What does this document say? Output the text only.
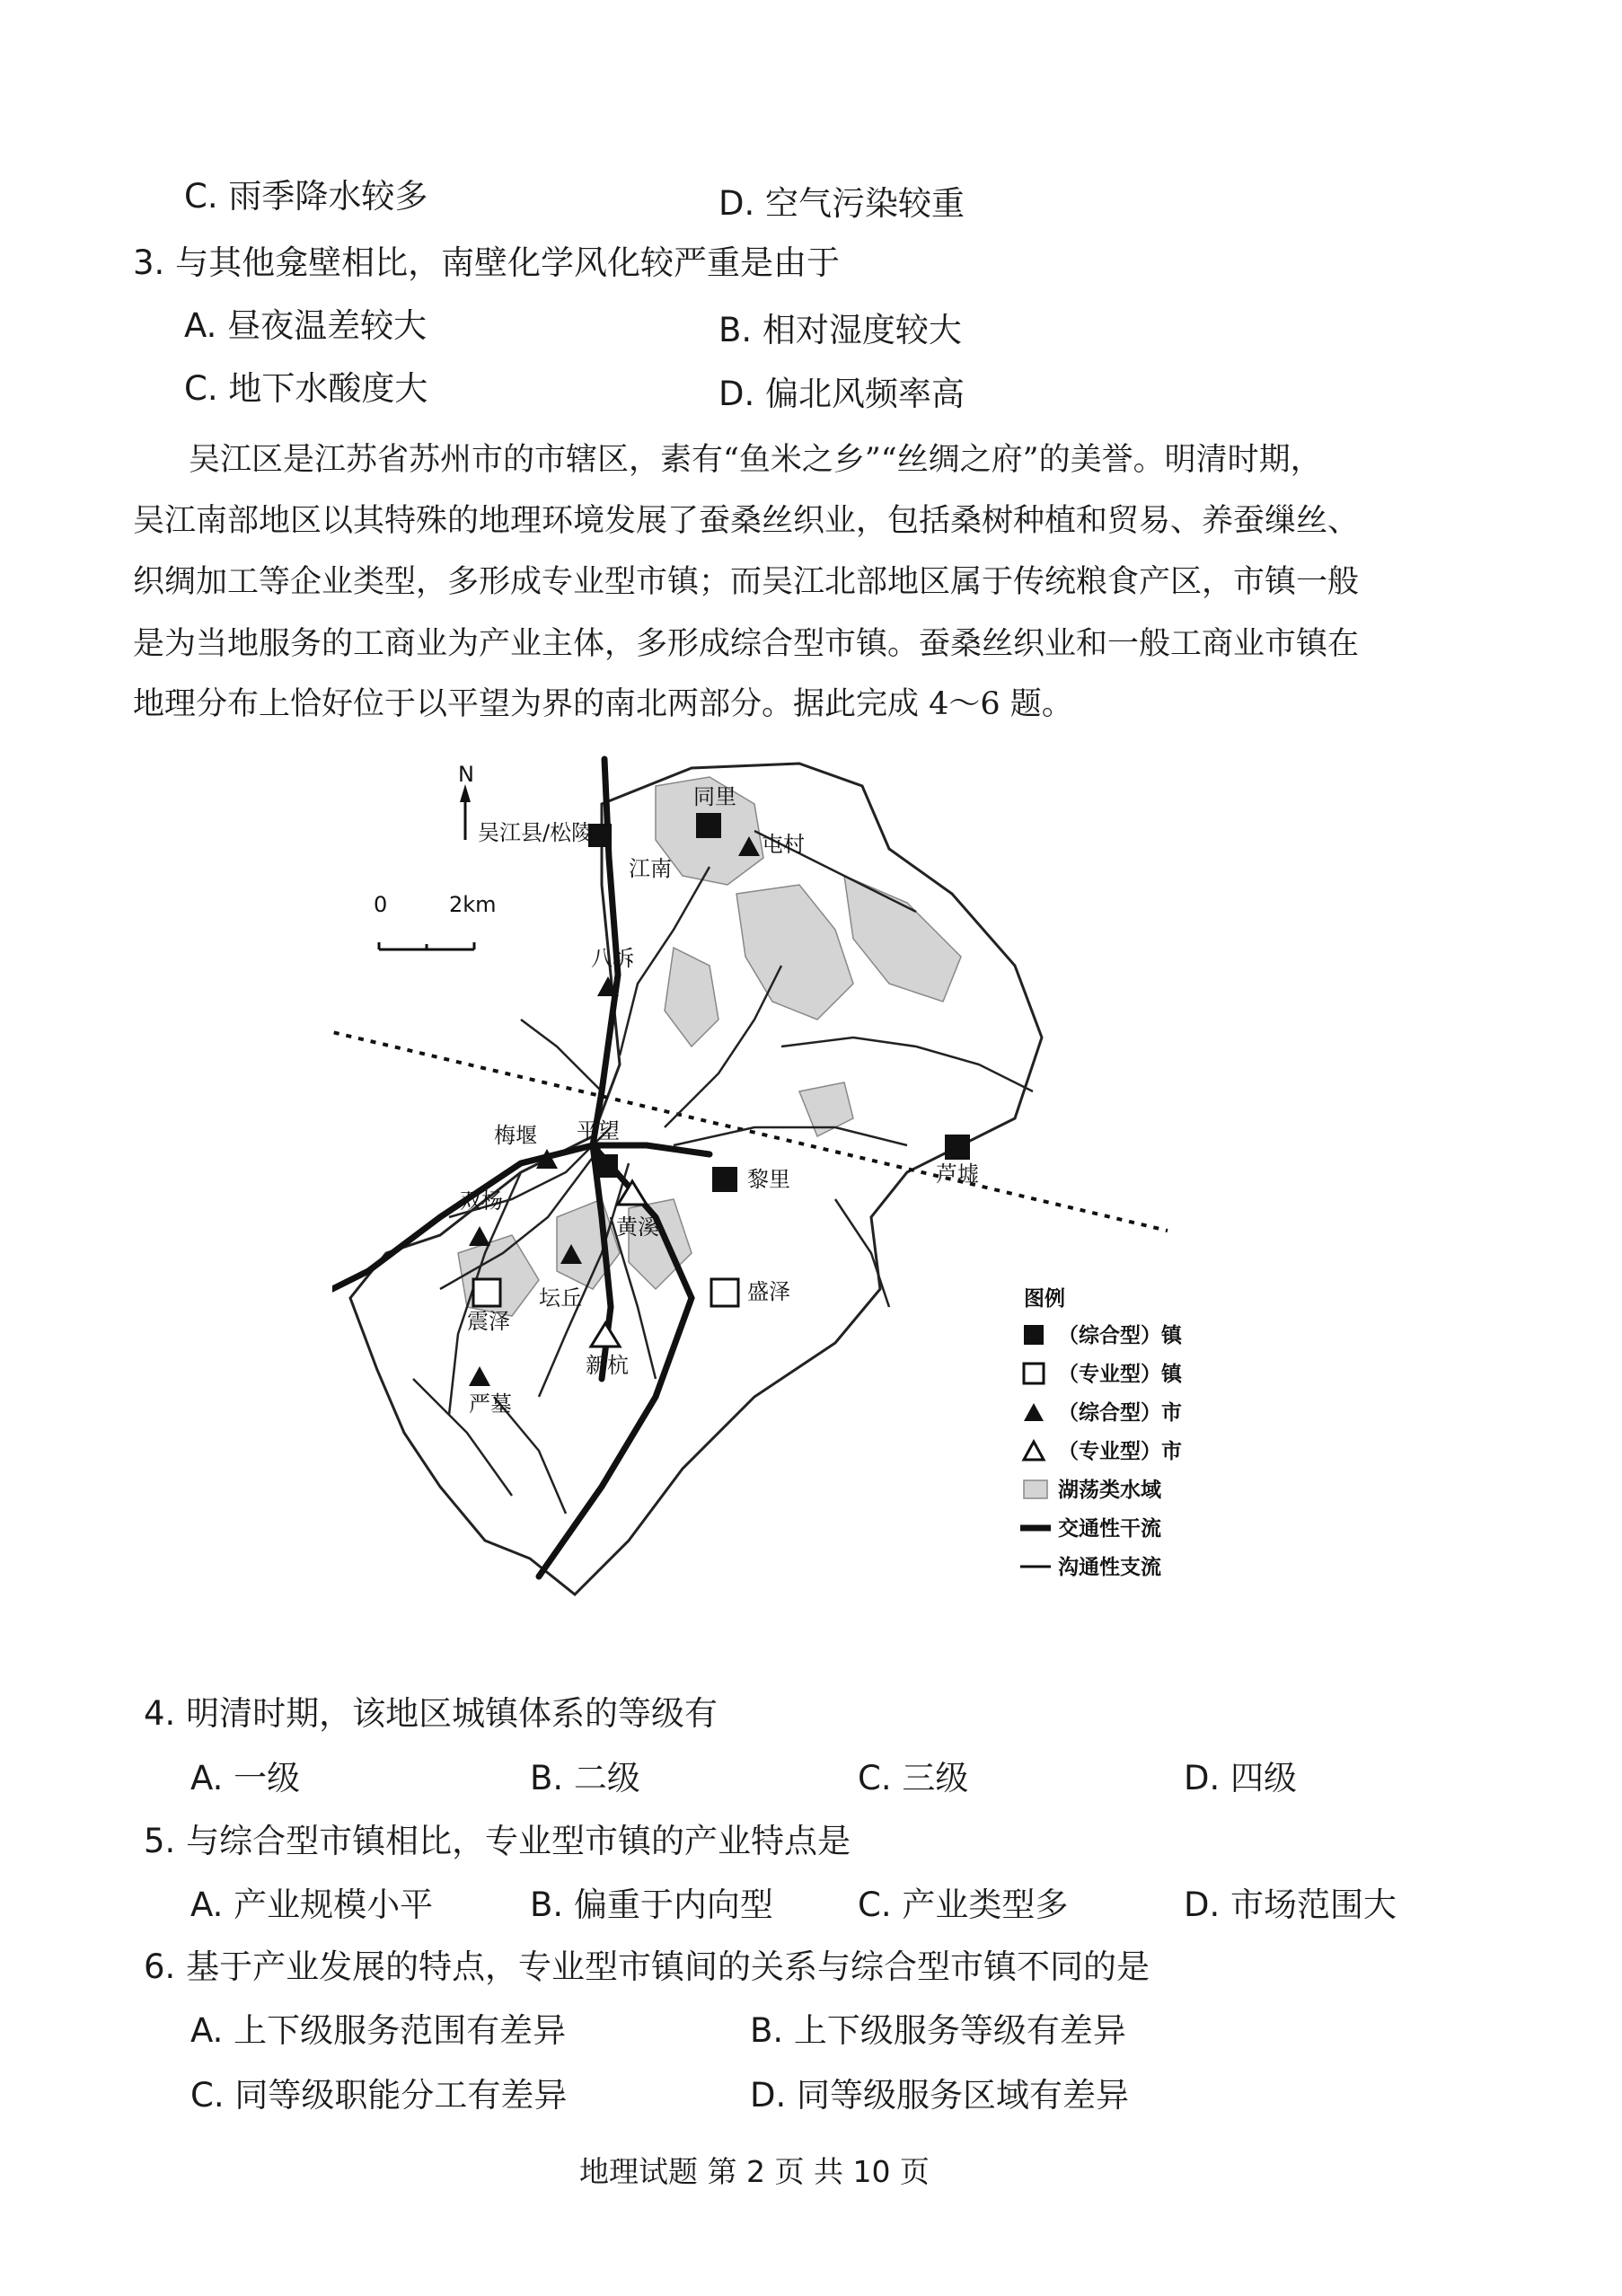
C. 雨季降水较多	D. 空气污染较重
3. 与其他龛壁相比，南壁化学风化较严重是由于
A. 昼夜温差较大	B. 相对湿度较大
C. 地下水酸度大	D. 偏北风频率高
吴江区是江苏省苏州市的市辖区，素有“鱼米之乡”“丝绸之府”的美誉。明清时期，
吴江南部地区以其特殊的地理环境发展了蚕桑丝织业，包括桑树种植和贸易、养蚕缫丝、
织绸加工等企业类型，多形成专业型市镇；而吴江北部地区属于传统粮食产区，市镇一般
是为当地服务的工商业为产业主体，多形成综合型市镇。蚕桑丝织业和一般工商业市镇在
地理分布上恰好位于以平望为界的南北两部分。据此完成 4～6 题。
N
0	2km
吴江县/松陵
同里
江南
屯村
八坼
平望
梅堰
黎里	芦墟
双杨
黄溪
盛泽
坛丘
震泽
新杭
严墓
图例
（综合型）镇
（专业型）镇
（综合型）市
（专业型）市
湖荡类水域
交通性干流
沟通性支流
4. 明清时期，该地区城镇体系的等级有
A. 一级	B. 二级	C. 三级	D. 四级
5. 与综合型市镇相比，专业型市镇的产业特点是
A. 产业规模小平	B. 偏重于内向型	C. 产业类型多	D. 市场范围大
6. 基于产业发展的特点，专业型市镇间的关系与综合型市镇不同的是
A. 上下级服务范围有差异	B. 上下级服务等级有差异
C. 同等级职能分工有差异	D. 同等级服务区域有差异
地理试题 第 2 页 共 10 页
